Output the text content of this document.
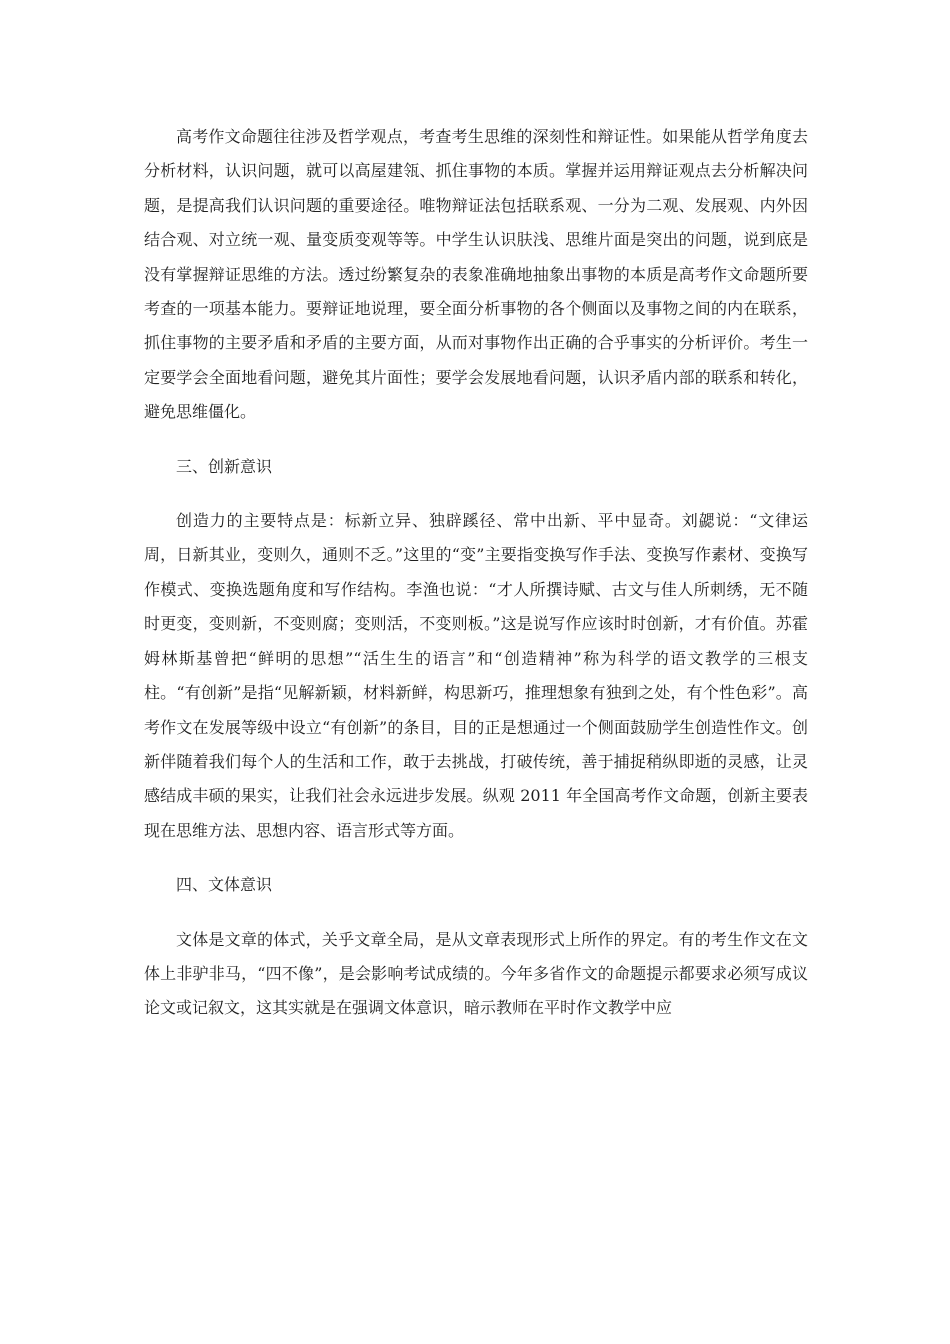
高考作文命题往往涉及哲学观点，考查考生思维的深刻性和辩证性。如果能从哲学角度去分析材料，认识问题，就可以高屋建瓴、抓住事物的本质。掌握并运用辩证观点去分析解决问题，是提高我们认识问题的重要途径。唯物辩证法包括联系观、一分为二观、发展观、内外因结合观、对立统一观、量变质变观等等。中学生认识肤浅、思维片面是突出的问题，说到底是没有掌握辩证思维的方法。透过纷繁复杂的表象准确地抽象出事物的本质是高考作文命题所要考查的一项基本能力。要辩证地说理，要全面分析事物的各个侧面以及事物之间的内在联系，抓住事物的主要矛盾和矛盾的主要方面，从而对事物作出正确的合乎事实的分析评价。考生一定要学会全面地看问题，避免其片面性；要学会发展地看问题，认识矛盾内部的联系和转化，避免思维僵化。

三、创新意识

创造力的主要特点是：标新立异、独辟蹊径、常中出新、平中显奇。刘勰说：“文律运周，日新其业，变则久，通则不乏。”这里的“变”主要指变换写作手法、变换写作素材、变换写作模式、变换选题角度和写作结构。李渔也说：“才人所撰诗赋、古文与佳人所刺绣，无不随时更变，变则新，不变则腐；变则活，不变则板。”这是说写作应该时时创新，才有价值。苏霍姆林斯基曾把“鲜明的思想”“活生生的语言”和“创造精神”称为科学的语文教学的三根支柱。“有创新”是指“见解新颖，材料新鲜，构思新巧，推理想象有独到之处，有个性色彩”。高考作文在发展等级中设立“有创新”的条目，目的正是想通过一个侧面鼓励学生创造性作文。创新伴随着我们每个人的生活和工作，敢于去挑战，打破传统，善于捕捉稍纵即逝的灵感，让灵感结成丰硕的果实，让我们社会永远进步发展。纵观 2011 年全国高考作文命题，创新主要表现在思维方法、思想内容、语言形式等方面。

四、文体意识

文体是文章的体式，关乎文章全局，是从文章表现形式上所作的界定。有的考生作文在文体上非驴非马，“四不像”，是会影响考试成绩的。今年多省作文的命题提示都要求必须写成议论文或记叙文，这其实就是在强调文体意识，暗示教师在平时作文教学中应
